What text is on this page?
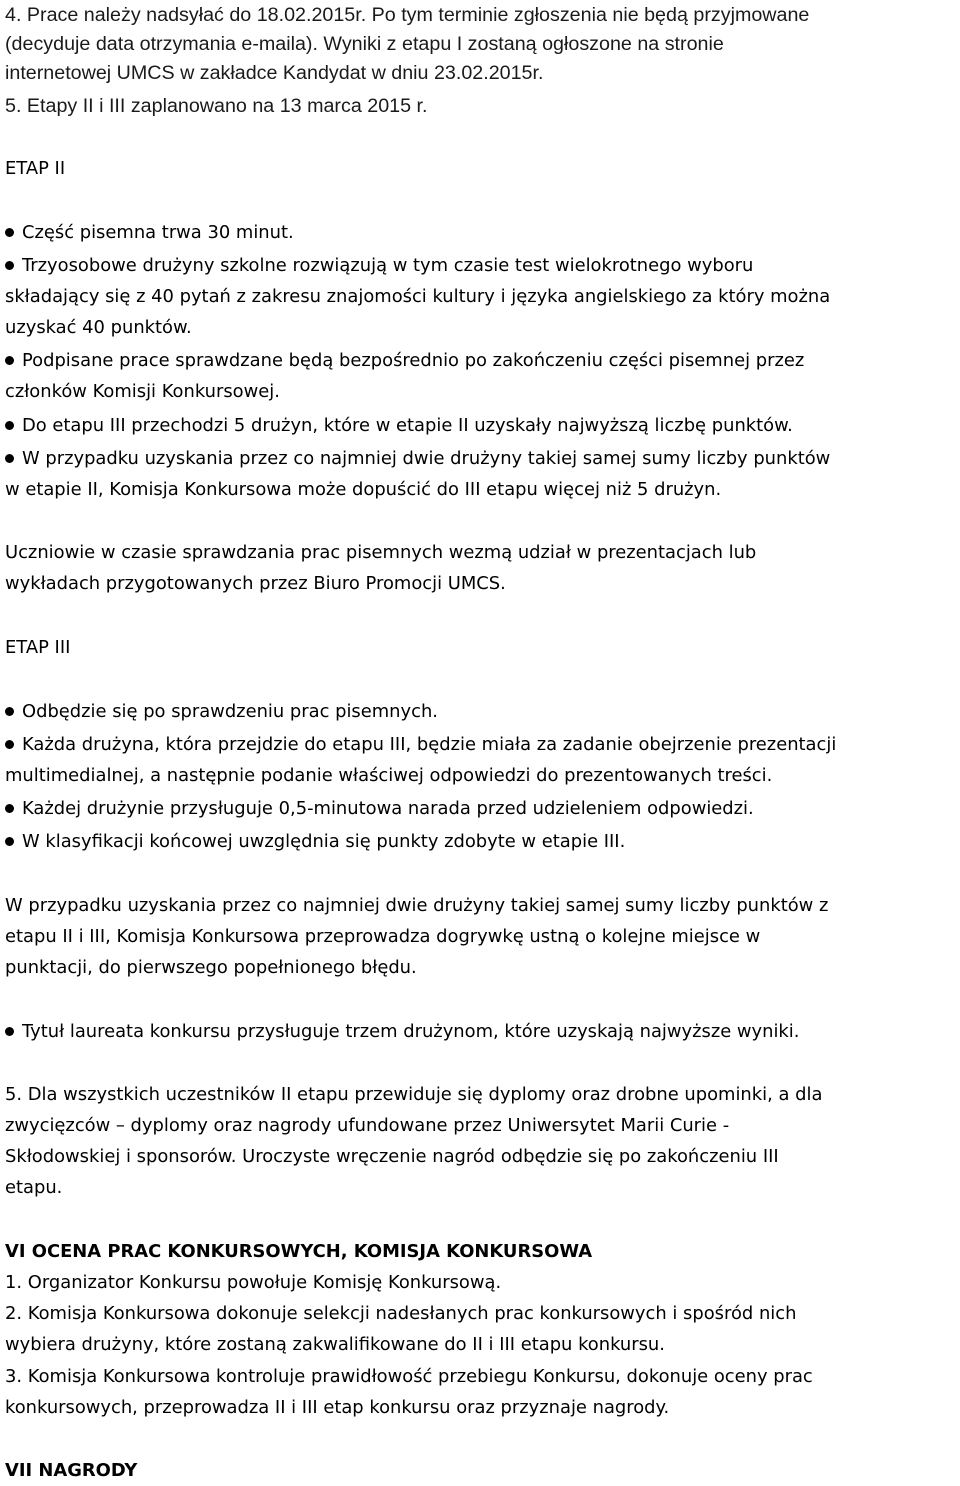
4. Prace należy nadsyłać do 18.02.2015r. Po tym terminie zgłoszenia nie będą przyjmowane

(decyduje data otrzymania e-maila). Wyniki z etapu I zostaną ogłoszone na stronie

internetowej UMCS w zakładce Kandydat w dniu 23.02.2015r.

5. Etapy II i III zaplanowano na 13 marca 2015 r.

ETAP II

Część pisemna trwa 30 minut.

Trzyosobowe drużyny szkolne rozwiązują w tym czasie test wielokrotnego wyboru

składający się z 40 pytań z zakresu znajomości kultury i języka angielskiego za który można

uzyskać 40 punktów.

Podpisane prace sprawdzane będą bezpośrednio po zakończeniu części pisemnej przez

członków Komisji Konkursowej.

Do etapu III przechodzi 5 drużyn, które w etapie II uzyskały najwyższą liczbę punktów.

W przypadku uzyskania przez co najmniej dwie drużyny takiej samej sumy liczby punktów

w etapie II, Komisja Konkursowa może dopuścić do III etapu więcej niż 5 drużyn.

Uczniowie w czasie sprawdzania prac pisemnych wezmą udział w prezentacjach lub

wykładach przygotowanych przez Biuro Promocji UMCS.

ETAP III

Odbędzie się po sprawdzeniu prac pisemnych.

Każda drużyna, która przejdzie do etapu III, będzie miała za zadanie obejrzenie prezentacji

multimedialnej, a następnie podanie właściwej odpowiedzi do prezentowanych treści.

Każdej drużynie przysługuje 0,5-minutowa narada przed udzieleniem odpowiedzi.

W klasyfikacji końcowej uwzględnia się punkty zdobyte w etapie III.

W przypadku uzyskania przez co najmniej dwie drużyny takiej samej sumy liczby punktów z

etapu II i III, Komisja Konkursowa przeprowadza dogrywkę ustną o kolejne miejsce w

punktacji, do pierwszego popełnionego błędu.

Tytuł laureata konkursu przysługuje trzem drużynom, które uzyskają najwyższe wyniki.

5. Dla wszystkich uczestników II etapu przewiduje się dyplomy oraz drobne upominki, a dla

zwycięzców – dyplomy oraz nagrody ufundowane przez Uniwersytet Marii Curie -

Skłodowskiej i sponsorów. Uroczyste wręczenie nagród odbędzie się po zakończeniu III

etapu.

VI OCENA PRAC KONKURSOWYCH, KOMISJA KONKURSOWA

1. Organizator Konkursu powołuje Komisję Konkursową.

2. Komisja Konkursowa dokonuje selekcji nadesłanych prac konkursowych i spośród nich

wybiera drużyny, które zostaną zakwalifikowane do II i III etapu konkursu.

3. Komisja Konkursowa kontroluje prawidłowość przebiegu Konkursu, dokonuje oceny prac

konkursowych, przeprowadza II i III etap konkursu oraz przyznaje nagrody.

VII NAGRODY
